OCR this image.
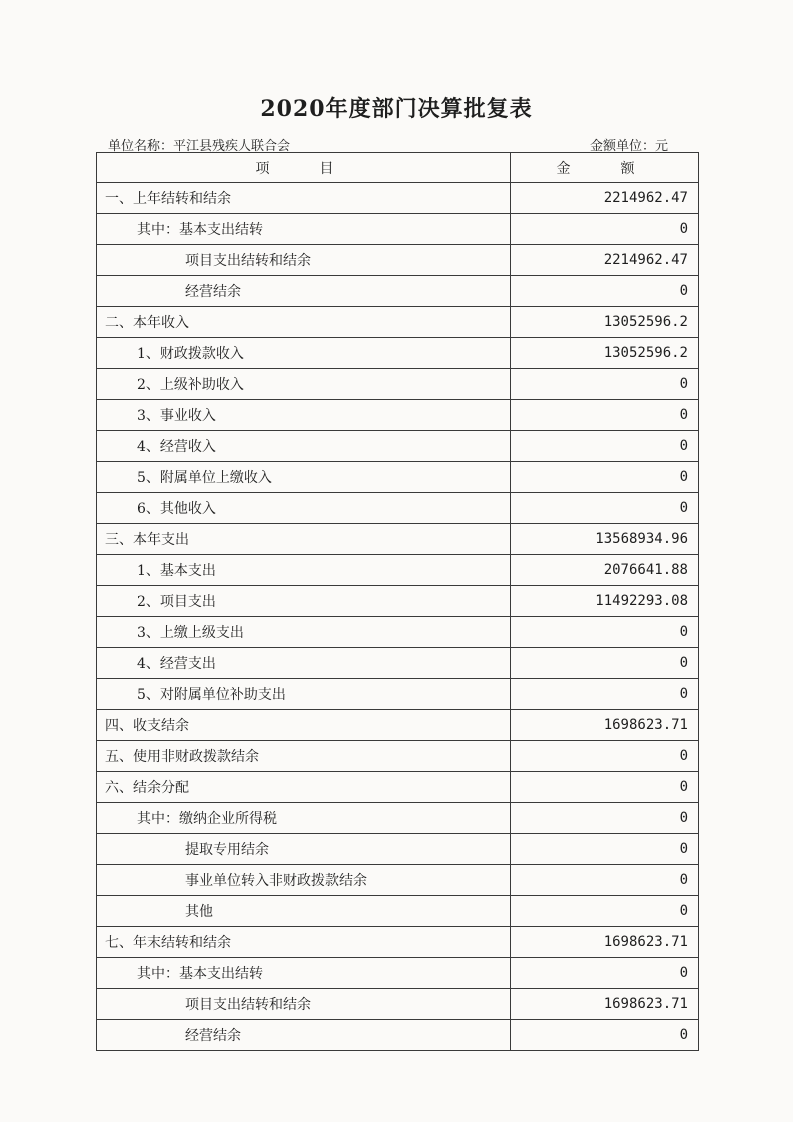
2020年度部门决算批复表
单位名称：平江县残疾人联合会	金额单位：元
项　目	金　额
一、上年结转和结余	2214962.47
其中：基本支出结转	0
项目支出结转和结余	2214962.47
经营结余	0
二、本年收入	13052596.2
1、财政拨款收入	13052596.2
2、上级补助收入	0
3、事业收入	0
4、经营收入	0
5、附属单位上缴收入	0
6、其他收入	0
三、本年支出	13568934.96
1、基本支出	2076641.88
2、项目支出	11492293.08
3、上缴上级支出	0
4、经营支出	0
5、对附属单位补助支出	0
四、收支结余	1698623.71
五、使用非财政拨款结余	0
六、结余分配	0
其中：缴纳企业所得税	0
提取专用结余	0
事业单位转入非财政拨款结余	0
其他	0
七、年末结转和结余	1698623.71
其中：基本支出结转	0
项目支出结转和结余	1698623.71
经营结余	0
